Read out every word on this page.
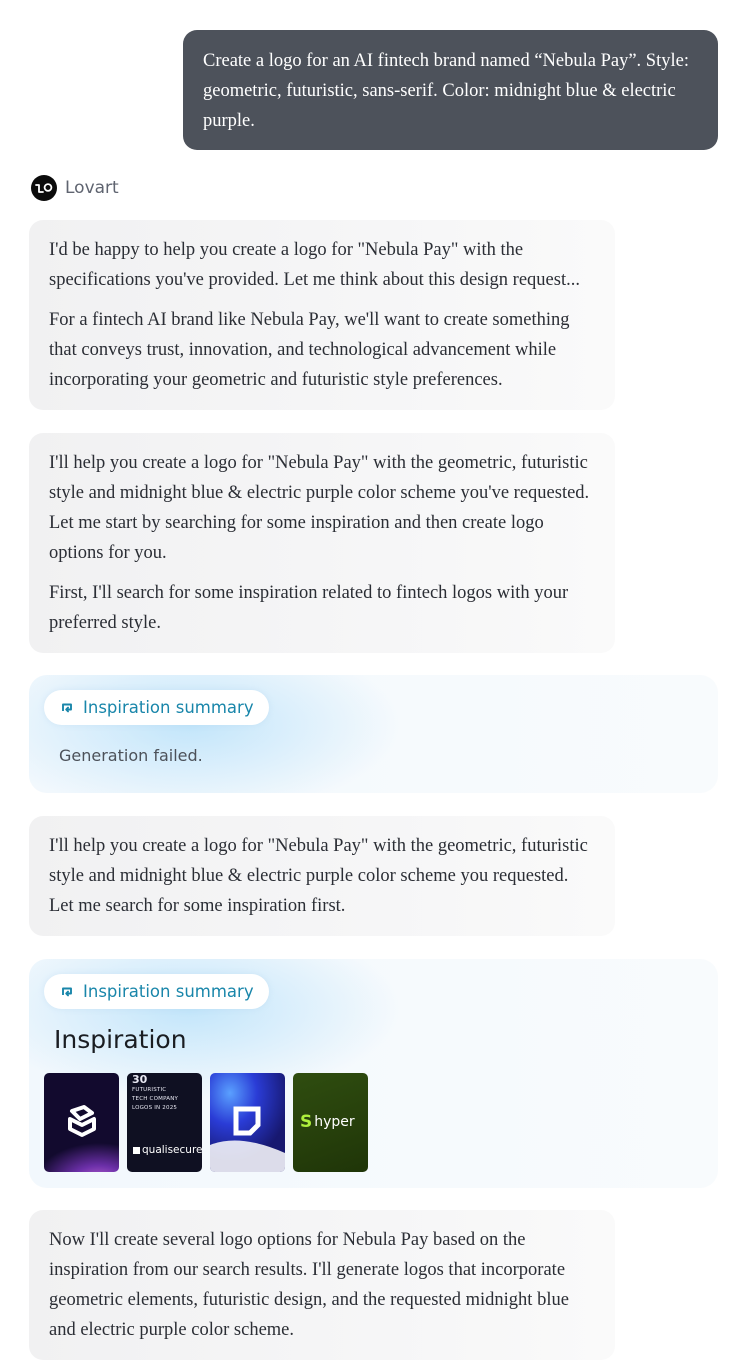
Create a logo for an AI fintech brand named “Nebula Pay”. Style: geometric, futuristic, sans-serif. Color: midnight blue & electric purple.
Lovart

I'd be happy to help you create a logo for "Nebula Pay" with the specifications you've provided. Let me think about this design request...

For a fintech AI brand like Nebula Pay, we'll want to create something that conveys trust, innovation, and technological advancement while incorporating your geometric and futuristic style preferences.

I'll help you create a logo for "Nebula Pay" with the geometric, futuristic style and midnight blue & electric purple color scheme you've requested. Let me start by searching for some inspiration and then create logo options for you.

First, I'll search for some inspiration related to fintech logos with your preferred style.

Inspiration summary
Generation failed.

I'll help you create a logo for "Nebula Pay" with the geometric, futuristic style and midnight blue & electric purple color scheme you requested. Let me search for some inspiration first.

Inspiration summary
Inspiration
30
FUTURISTIC
TECH COMPANY
LOGOS IN 2025
qualisecure
S hyper

Now I'll create several logo options for Nebula Pay based on the inspiration from our search results. I'll generate logos that incorporate geometric elements, futuristic design, and the requested midnight blue and electric purple color scheme.
